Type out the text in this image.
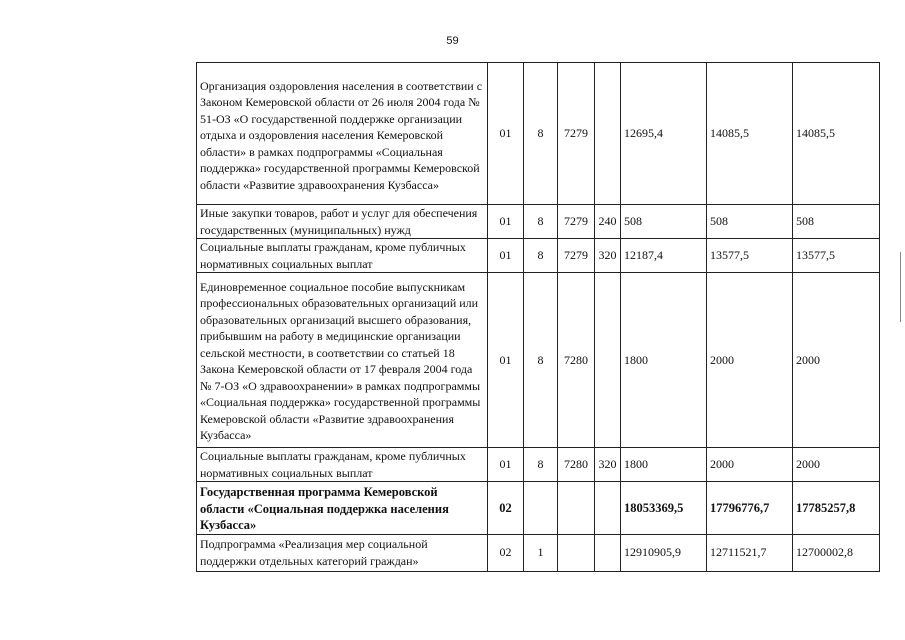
59
Организация оздоровления населения в соответствии с Законом Кемеровской области от 26 июля 2004 года № 51-ОЗ «О государственной поддержке организации отдыха и оздоровления населения Кемеровской области» в рамках подпрограммы «Социальная поддержка» государственной программы Кемеровской области «Развитие здравоохранения Кузбасса»	01	8	7279		12695,4	14085,5	14085,5
Иные закупки товаров, работ и услуг для обеспечения государственных (муниципальных) нужд	01	8	7279	240	508	508	508
Социальные выплаты гражданам, кроме публичных нормативных социальных выплат	01	8	7279	320	12187,4	13577,5	13577,5
Единовременное социальное пособие выпускникам профессиональных образовательных организаций или образовательных организаций высшего образования, прибывшим на работу в медицинские организации сельской местности, в соответствии со статьей 18 Закона Кемеровской области от 17 февраля 2004 года № 7-ОЗ «О здравоохранении» в рамках подпрограммы «Социальная поддержка» государственной программы Кемеровской области «Развитие здравоохранения Кузбасса»	01	8	7280		1800	2000	2000
Социальные выплаты гражданам, кроме публичных нормативных социальных выплат	01	8	7280	320	1800	2000	2000
Государственная программа Кемеровской области «Социальная поддержка населения Кузбасса»	02				18053369,5	17796776,7	17785257,8
Подпрограмма «Реализация мер социальной поддержки отдельных категорий граждан»	02	1			12910905,9	12711521,7	12700002,8
